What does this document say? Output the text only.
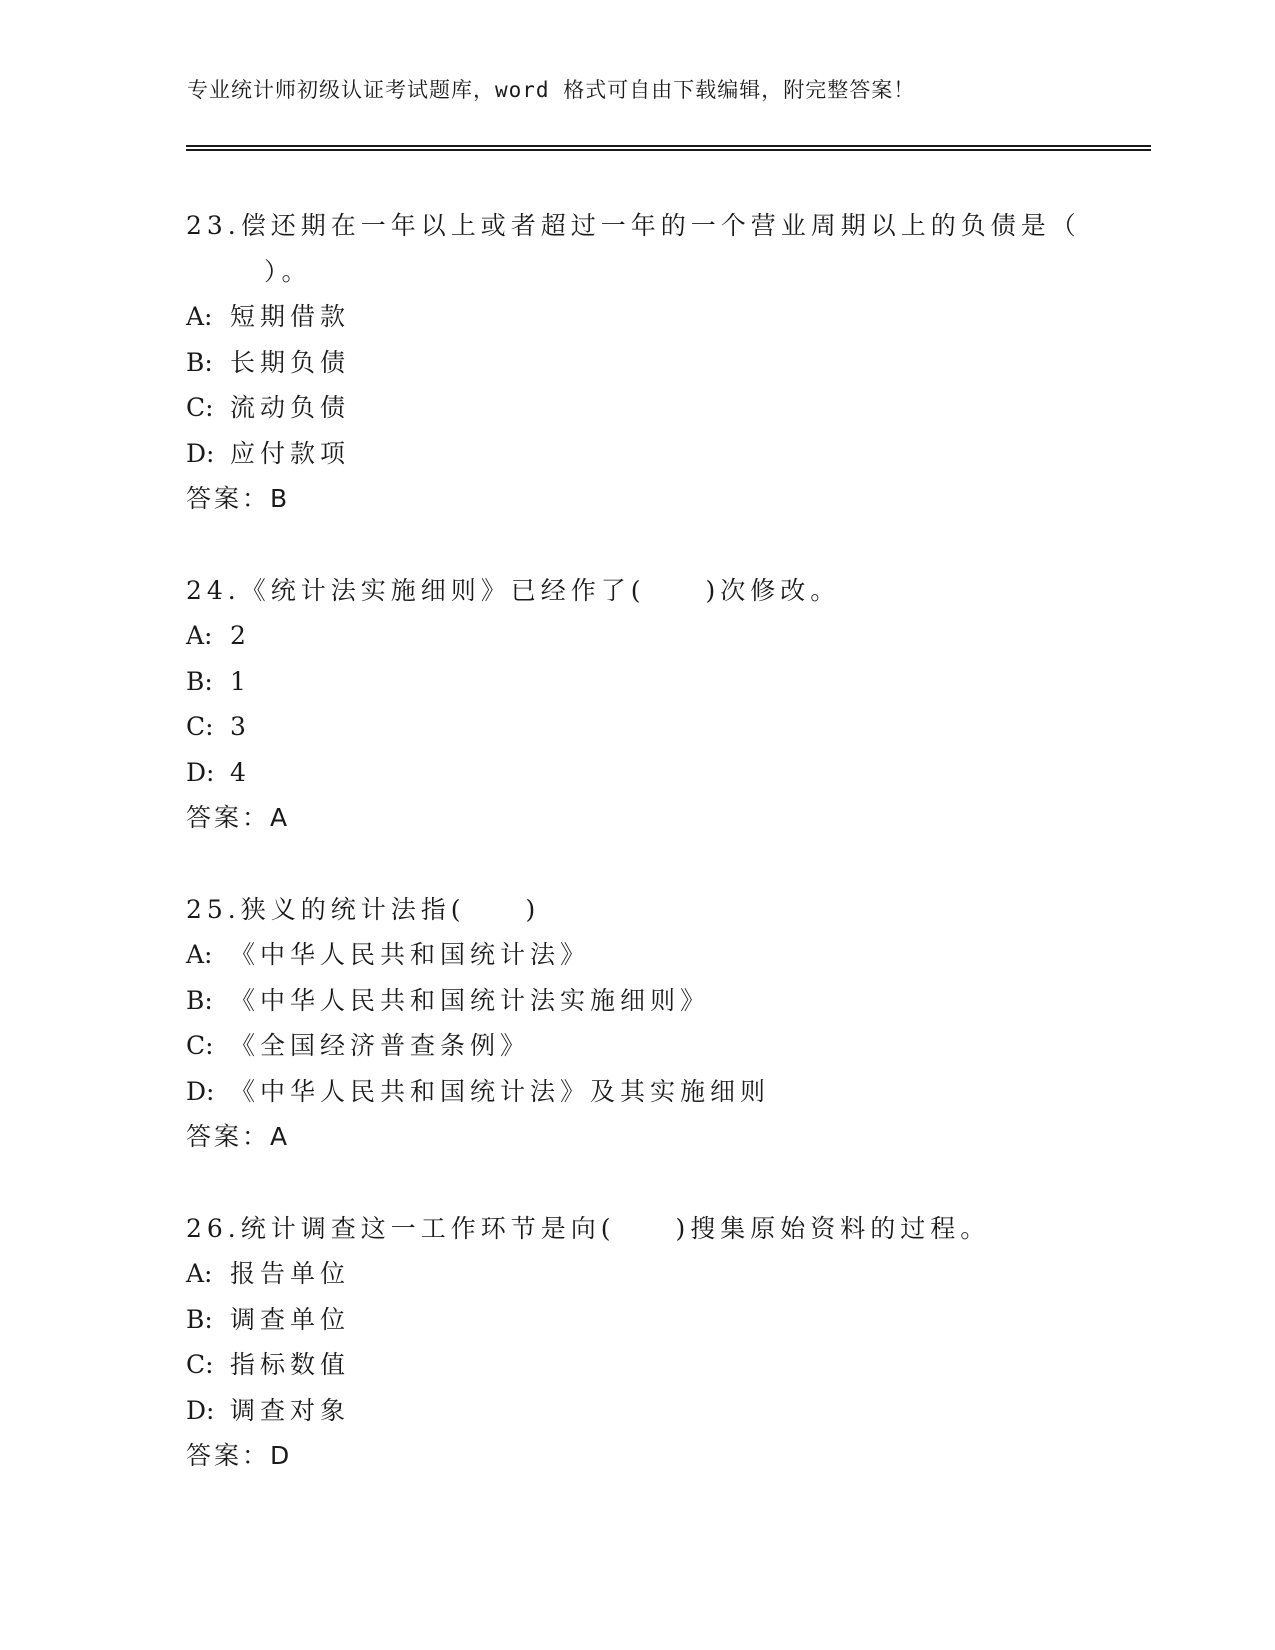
专业统计师初级认证考试题库，word 格式可自由下载编辑，附完整答案！
23.偿还期在一年以上或者超过一年的一个营业周期以上的负债是（
）。
A: 短期借款
B: 长期负债
C: 流动负债
D: 应付款项
答案：B
24.《统计法实施细则》已经作了(　　)次修改。
A: 2
B: 1
C: 3
D: 4
答案：A
25.狭义的统计法指(　　)
A: 《中华人民共和国统计法》
B: 《中华人民共和国统计法实施细则》
C: 《全国经济普查条例》
D: 《中华人民共和国统计法》及其实施细则
答案：A
26.统计调查这一工作环节是向(　　)搜集原始资料的过程。
A: 报告单位
B: 调查单位
C: 指标数值
D: 调查对象
答案：D
